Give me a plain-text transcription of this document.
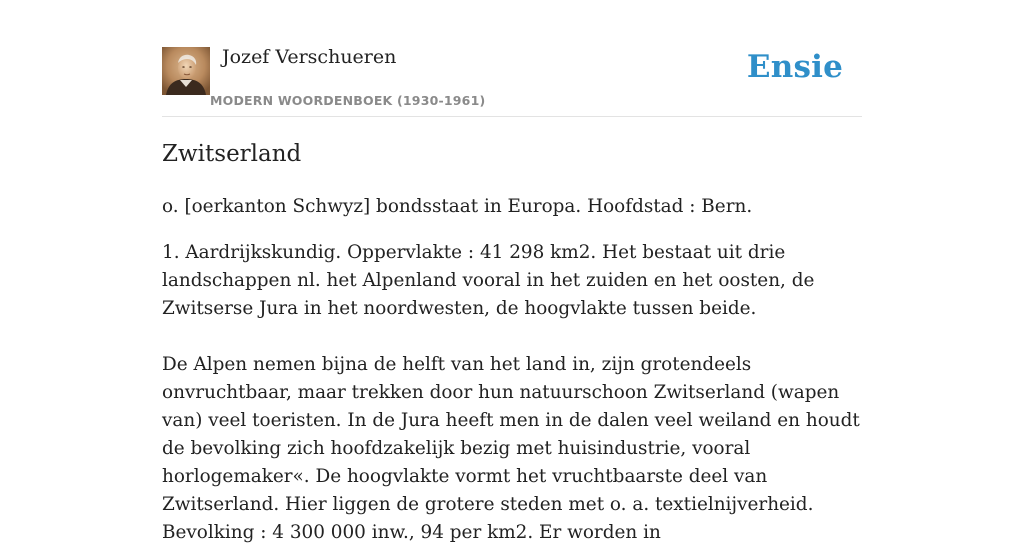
Jozef Verschueren
MODERN WOORDENBOEK (1930-1961)
Ensie
Zwitserland

o. [oerkanton Schwyz] bondsstaat in Europa. Hoofdstad : Bern.

1. Aardrijkskundig. Oppervlakte : 41 298 km2. Het bestaat uit drie landschappen nl. het Alpenland vooral in het zuiden en het oosten, de Zwitserse Jura in het noordwesten, de hoogvlakte tussen beide.

De Alpen nemen bijna de helft van het land in, zijn grotendeels onvruchtbaar, maar trekken door hun natuurschoon Zwitserland (wapen van) veel toeristen. In de Jura heeft men in de dalen veel weiland en houdt de bevolking zich hoofdzakelijk bezig met huisindustrie, vooral horlogemaker«. De hoogvlakte vormt het vruchtbaarste deel van Zwitserland. Hier liggen de grotere steden met o. a. textielnijverheid. Bevolking : 4 300 000 inw., 94 per km2. Er worden in
